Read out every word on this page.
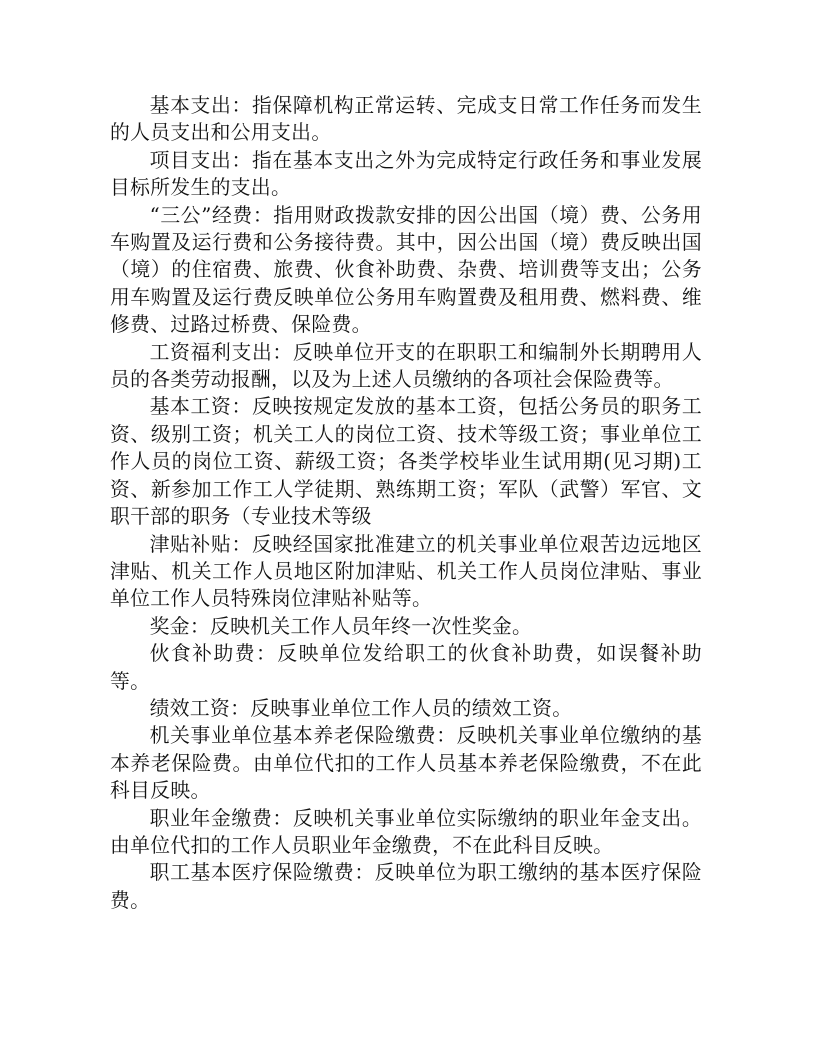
基本支出：指保障机构正常运转、完成支日常工作任务而发生的人员支出和公用支出。

项目支出：指在基本支出之外为完成特定行政任务和事业发展目标所发生的支出。

“三公”经费：指用财政拨款安排的因公出国（境）费、公务用车购置及运行费和公务接待费。其中，因公出国（境）费反映出国（境）的住宿费、旅费、伙食补助费、杂费、培训费等支出；公务用车购置及运行费反映单位公务用车购置费及租用费、燃料费、维修费、过路过桥费、保险费。

工资福利支出：反映单位开支的在职职工和编制外长期聘用人员的各类劳动报酬，以及为上述人员缴纳的各项社会保险费等。

基本工资：反映按规定发放的基本工资，包括公务员的职务工资、级别工资；机关工人的岗位工资、技术等级工资；事业单位工作人员的岗位工资、薪级工资；各类学校毕业生试用期(见习期)工资、新参加工作工人学徒期、熟练期工资；军队（武警）军官、文职干部的职务（专业技术等级

津贴补贴：反映经国家批准建立的机关事业单位艰苦边远地区津贴、机关工作人员地区附加津贴、机关工作人员岗位津贴、事业单位工作人员特殊岗位津贴补贴等。

奖金：反映机关工作人员年终一次性奖金。

伙食补助费：反映单位发给职工的伙食补助费，如误餐补助等。

绩效工资：反映事业单位工作人员的绩效工资。

机关事业单位基本养老保险缴费：反映机关事业单位缴纳的基本养老保险费。由单位代扣的工作人员基本养老保险缴费，不在此科目反映。

职业年金缴费：反映机关事业单位实际缴纳的职业年金支出。由单位代扣的工作人员职业年金缴费，不在此科目反映。

职工基本医疗保险缴费：反映单位为职工缴纳的基本医疗保险费。
